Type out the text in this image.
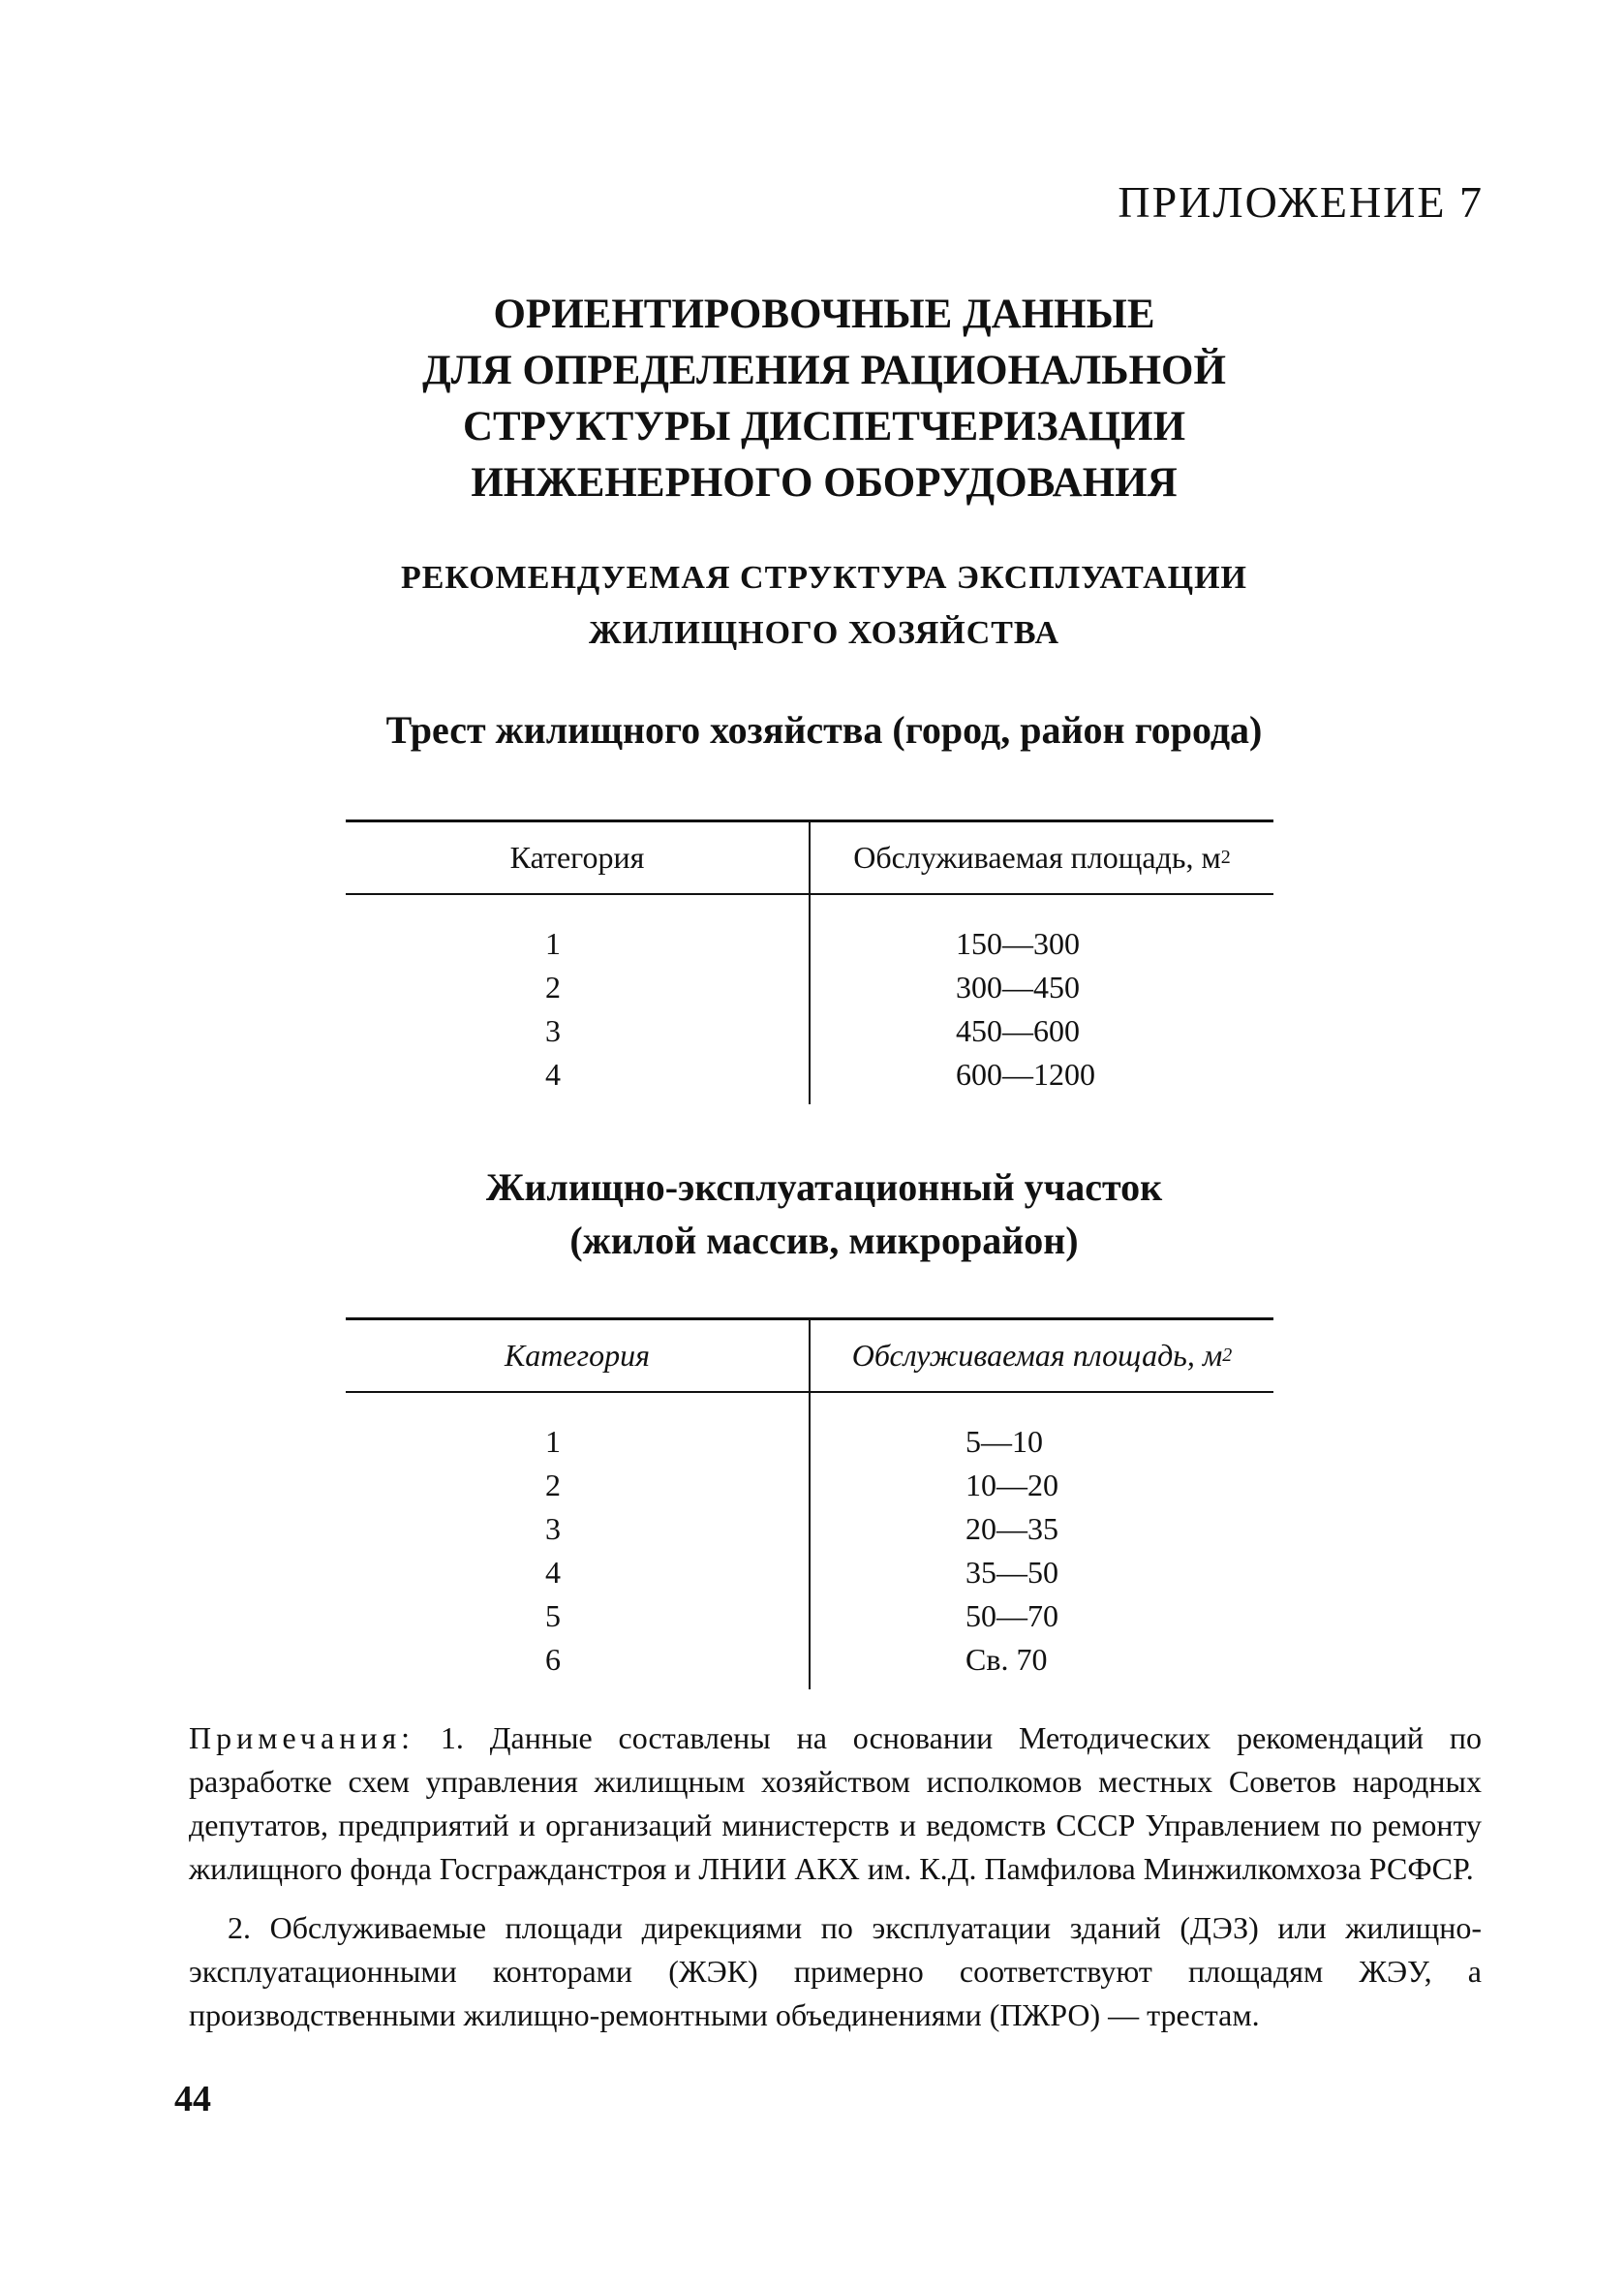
ПРИЛОЖЕНИЕ 7
ОРИЕНТИРОВОЧНЫЕ ДАННЫЕ
ДЛЯ ОПРЕДЕЛЕНИЯ РАЦИОНАЛЬНОЙ
СТРУКТУРЫ ДИСПЕТЧЕРИЗАЦИИ
ИНЖЕНЕРНОГО ОБОРУДОВАНИЯ
РЕКОМЕНДУЕМАЯ СТРУКТУРА ЭКСПЛУАТАЦИИ
ЖИЛИЩНОГО ХОЗЯЙСТВА
Трест жилищного хозяйства (город, район города)
Категория	Обслуживаемая площадь, м 2
1
2
3
4
150—300
300—450
450—600
600—1200
Жилищно-эксплуатационный участок
(жилой массив, микрорайон)
Категория	Обслуживаемая площадь, м 2
1
2
3
4
5
6
5—10
10—20
20—35
35—50
50—70
Св. 70

Примечания: 1. Данные составлены на основании Методических рекомендаций по разработке схем управления жилищным хозяйством исполкомов местных Советов народных депутатов, предприятий и организаций министерств и ведомств СССР Управлением по ремонту жилищного фонда Госгражданстроя и ЛНИИ АКХ им. К.Д. Памфилова Минжилкомхоза РСФСР.

2. Обслуживаемые площади дирекциями по эксплуатации зданий (ДЭЗ) или жилищно-эксплуатационными конторами (ЖЭК) примерно соответствуют площадям ЖЭУ, а производственными жилищно-ремонтными объединениями (ПЖРО) — трестам.

44
